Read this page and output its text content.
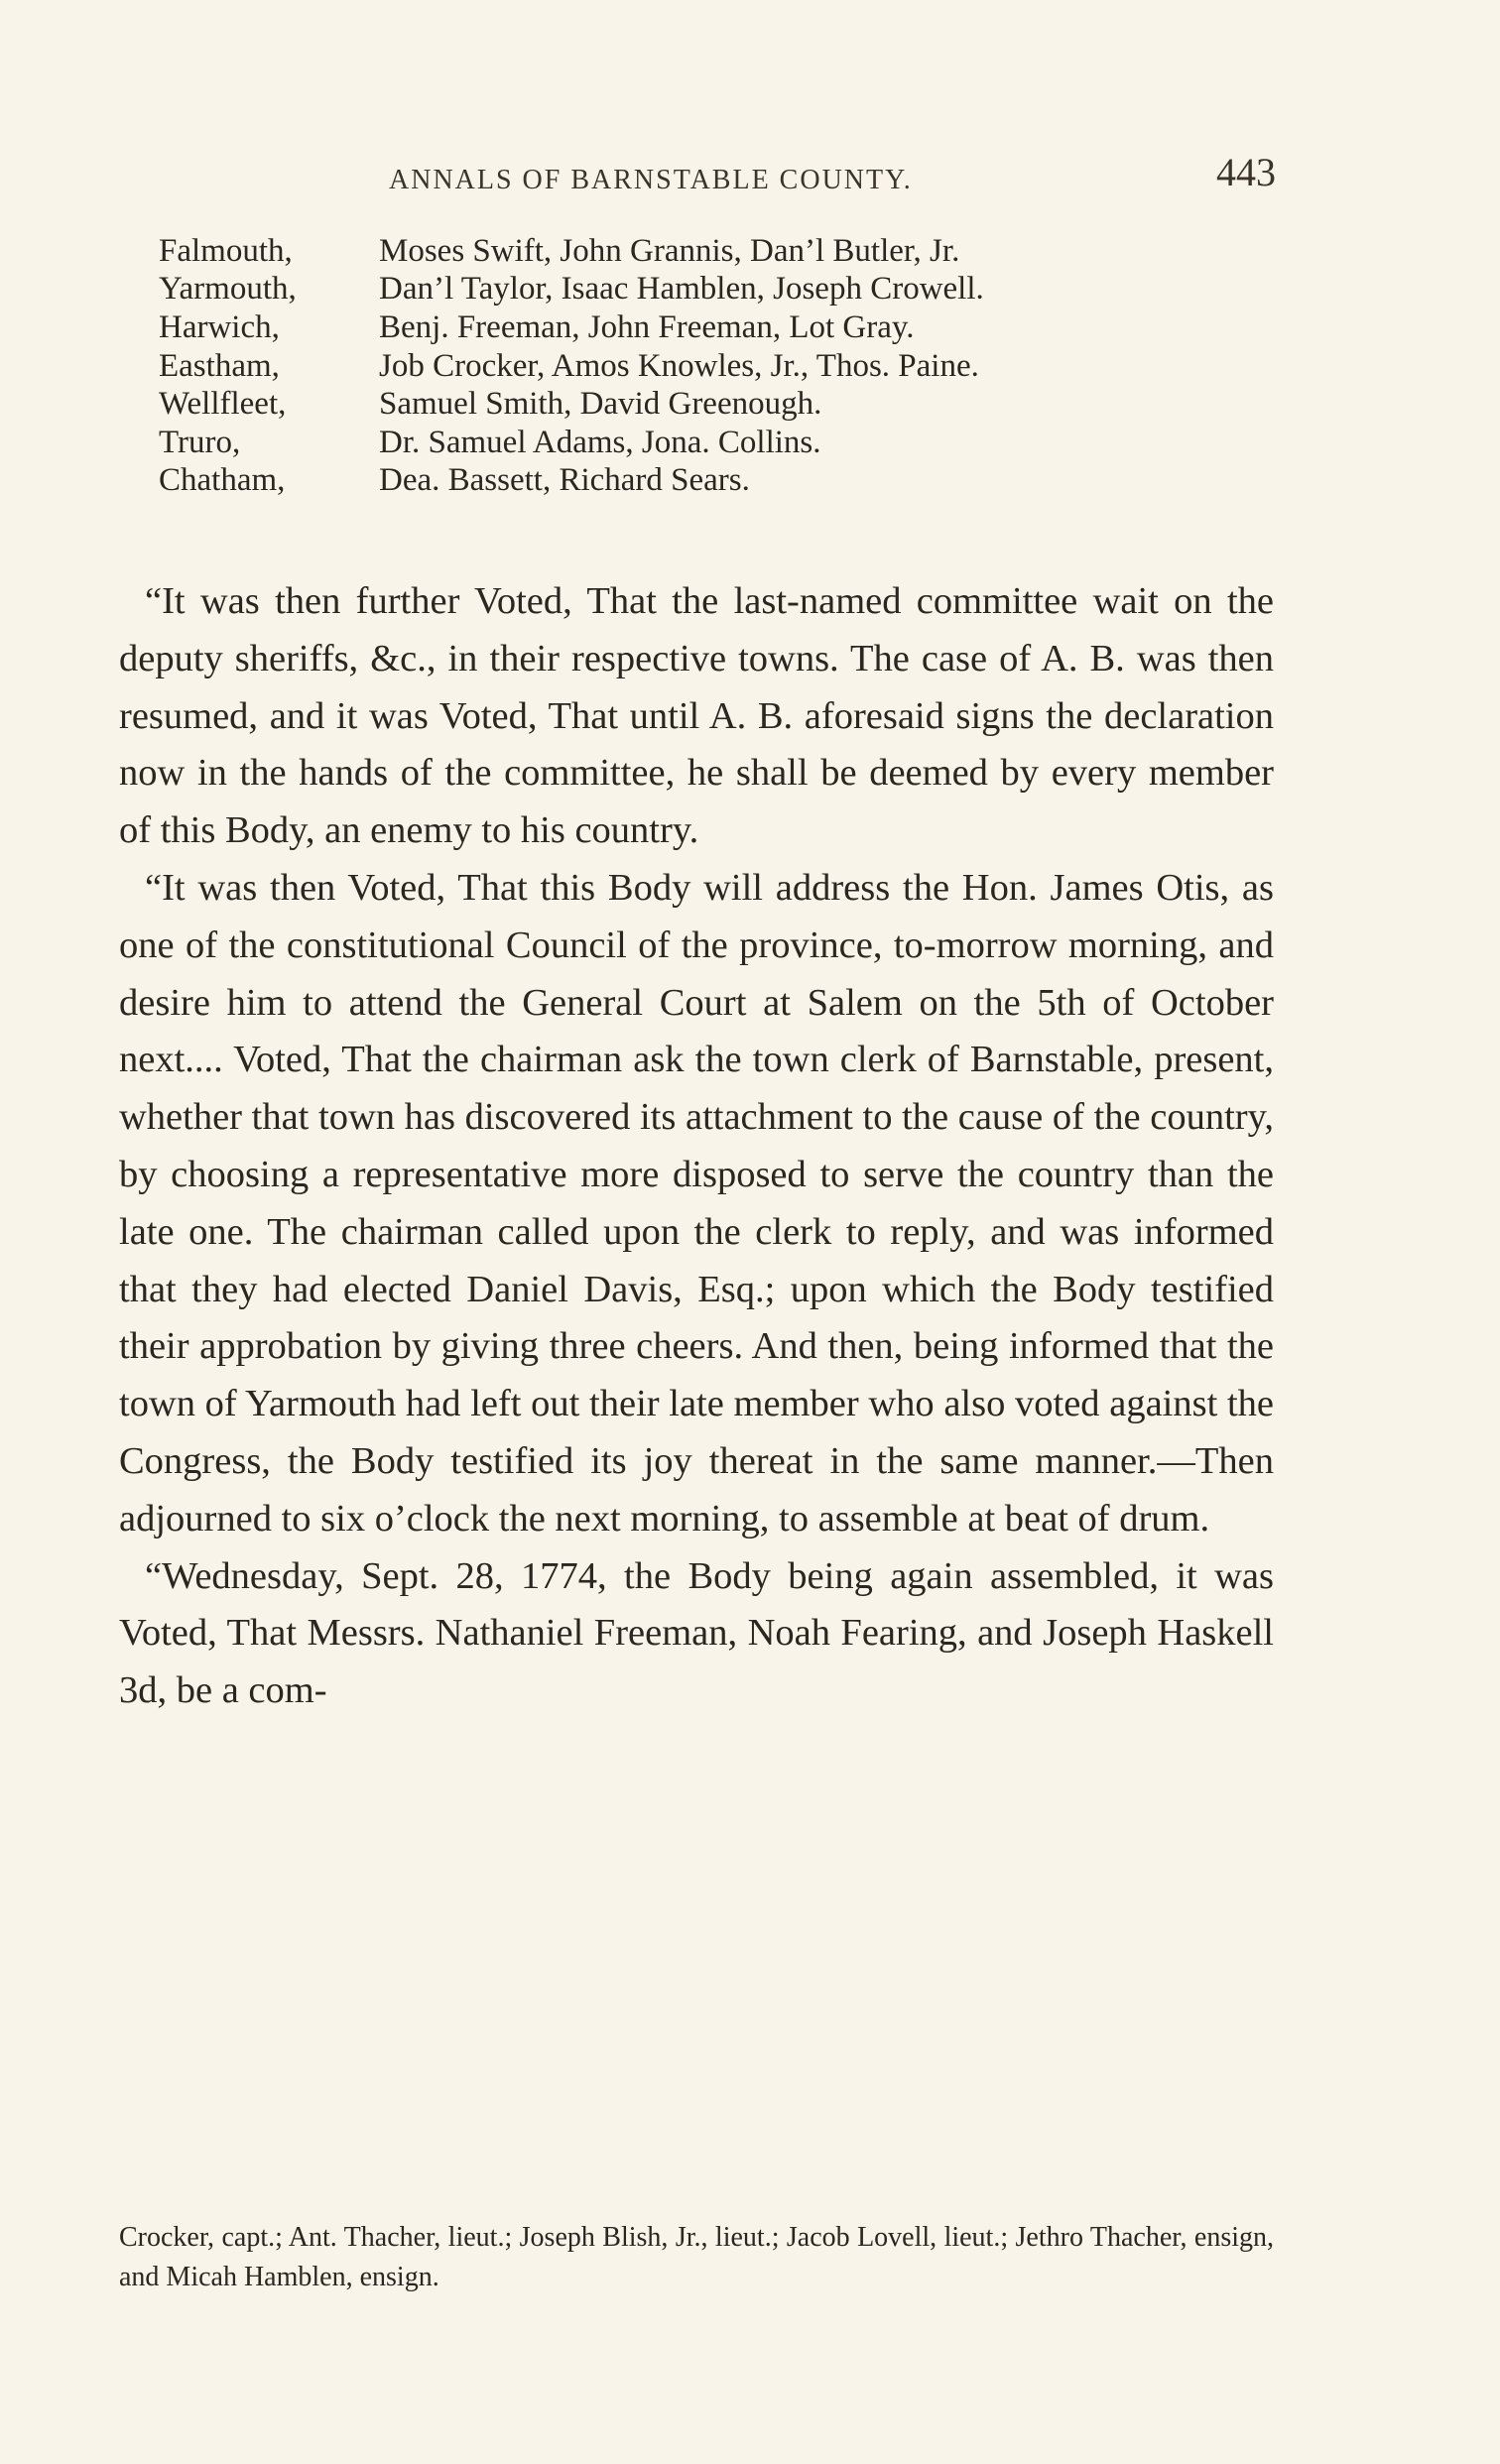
ANNALS OF BARNSTABLE COUNTY.	443
Falmouth,	Moses Swift, John Grannis, Dan’l Butler, Jr.
Yarmouth,	Dan’l Taylor, Isaac Hamblen, Joseph Crowell.
Harwich,	Benj. Freeman, John Freeman, Lot Gray.
Eastham,	Job Crocker, Amos Knowles, Jr., Thos. Paine.
Wellfleet,	Samuel Smith, David Greenough.
Truro,	Dr. Samuel Adams, Jona. Collins.
Chatham,	Dea. Bassett, Richard Sears.

“It was then further Voted, That the last-named committee wait on the deputy sheriffs, &c., in their respective towns. The case of A. B. was then resumed, and it was Voted, That until A. B. aforesaid signs the declaration now in the hands of the committee, he shall be deemed by every member of this Body, an enemy to his country.

“It was then Voted, That this Body will address the Hon. James Otis, as one of the constitutional Council of the province, to-morrow morning, and desire him to attend the General Court at Salem on the 5th of October next.... Voted, That the chairman ask the town clerk of Barnstable, present, whether that town has discovered its attachment to the cause of the country, by choosing a representative more disposed to serve the country than the late one. The chairman called upon the clerk to reply, and was informed that they had elected Daniel Davis, Esq.; upon which the Body testified their approbation by giving three cheers. And then, being informed that the town of Yarmouth had left out their late member who also voted against the Congress, the Body testified its joy thereat in the same manner.—Then adjourned to six o’clock the next morning, to assemble at beat of drum.

“Wednesday, Sept. 28, 1774, the Body being again assembled, it was Voted, That Messrs. Nathaniel Freeman, Noah Fearing, and Joseph Haskell 3d, be a com-

Crocker, capt.; Ant. Thacher, lieut.; Joseph Blish, Jr., lieut.; Jacob Lovell, lieut.; Jethro Thacher, ensign, and Micah Hamblen, ensign.
